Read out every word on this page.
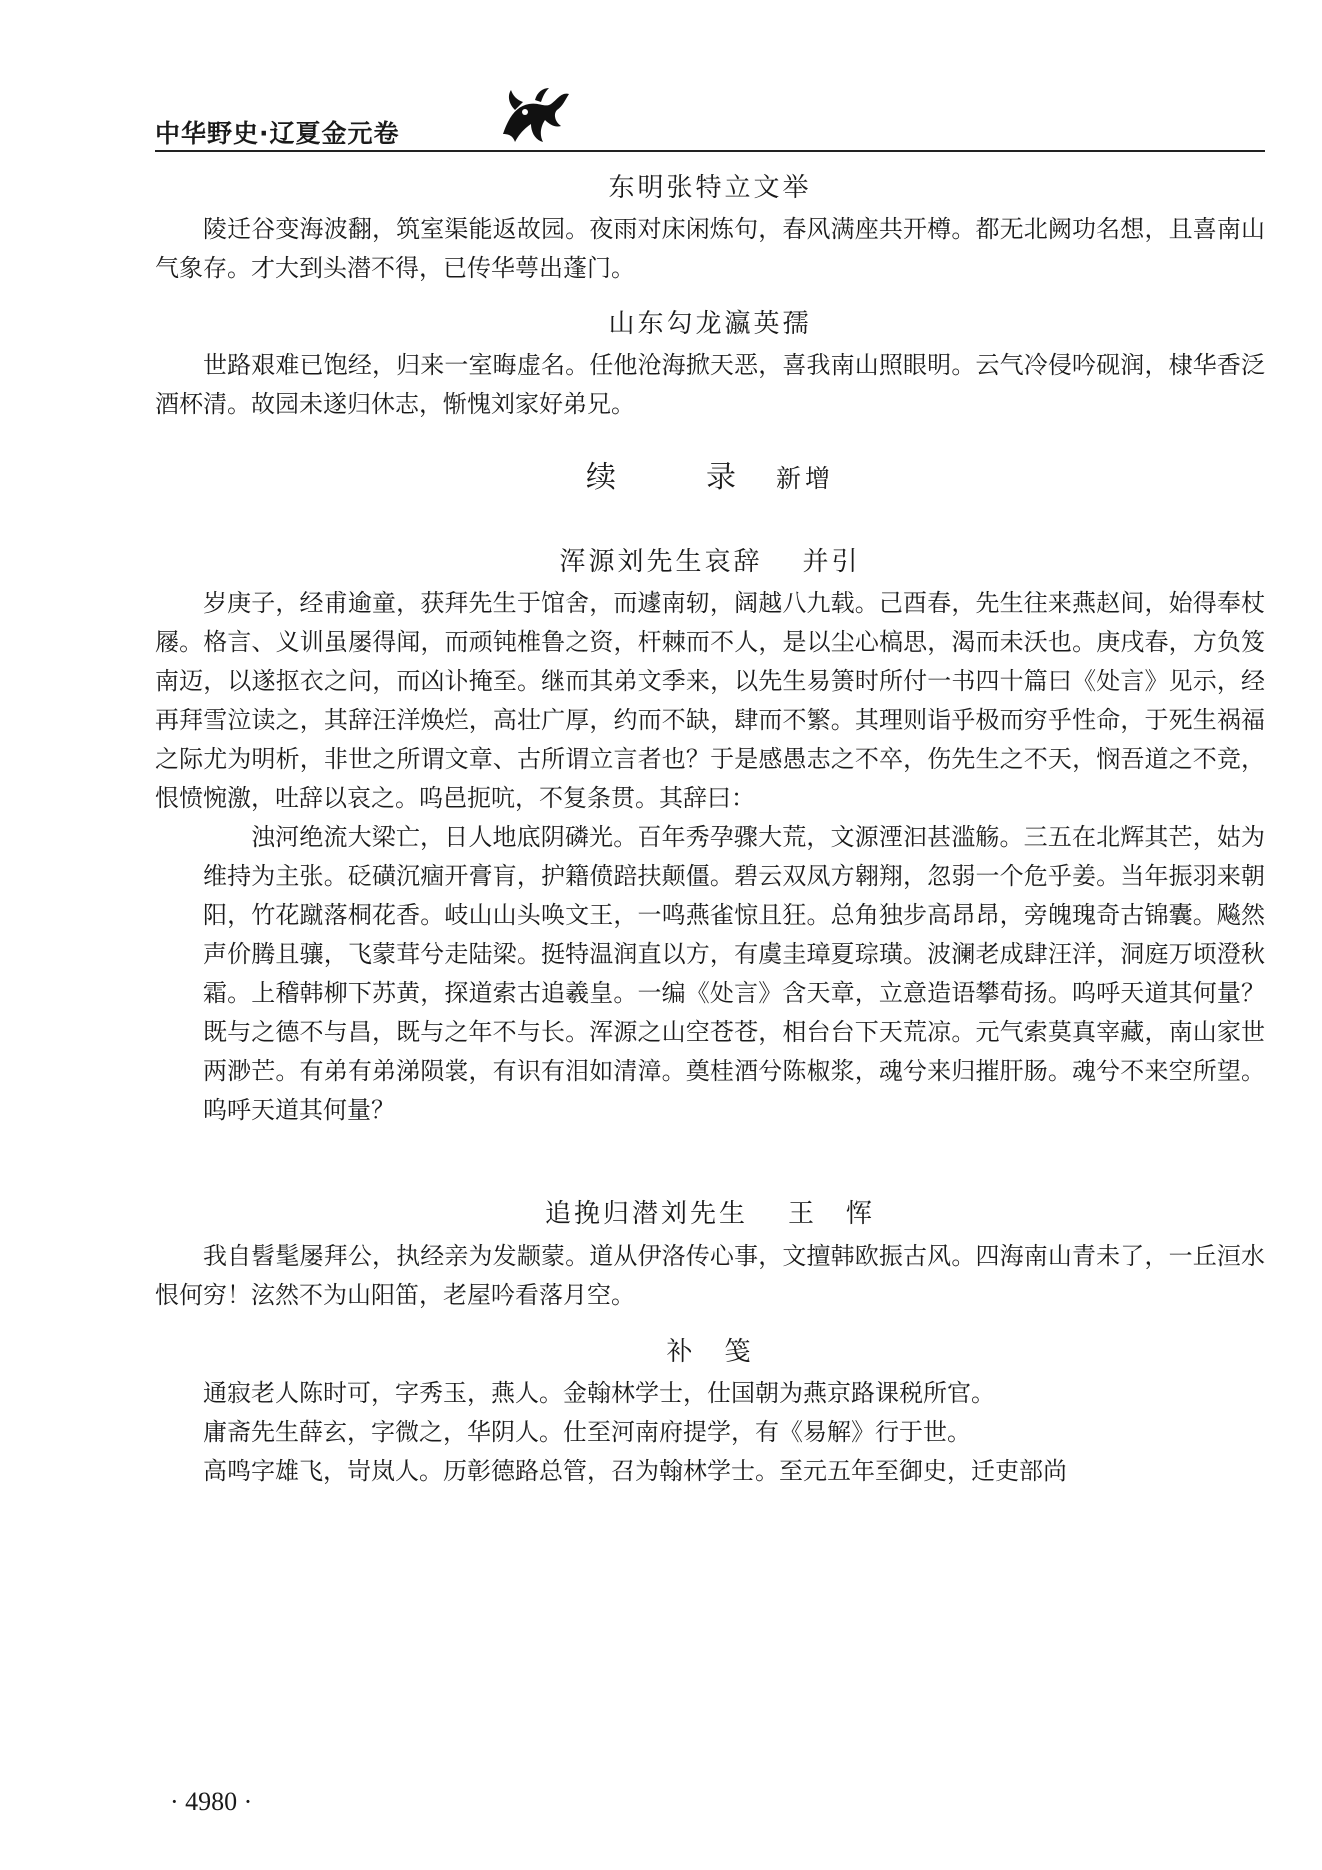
中华野史·辽夏金元卷
东明张特立文举

陵迁谷变海波翻，筑室渠能返故园。夜雨对床闲炼句，春风满座共开樽。都无北阙功名想，且喜南山气象存。才大到头潜不得，已传华萼出蓬门。

山东勾龙瀛英孺

世路艰难已饱经，归来一室晦虚名。任他沧海掀天恶，喜我南山照眼明。云气冷侵吟砚润，棣华香泛酒杯清。故园未遂归休志，惭愧刘家好弟兄。

续　录 新增
浑源刘先生哀辞 并引

岁庚子，经甫逾童，获拜先生于馆舍，而遽南轫，阔越八九载。己酉春，先生往来燕赵间，始得奉杖屦。格言、义训虽屡得闻，而顽钝椎鲁之资，杆棘而不人，是以尘心槁思，渴而未沃也。庚戌春，方负笈南迈，以遂抠衣之问，而凶讣掩至。继而其弟文季来，以先生易箦时所付一书四十篇曰《处言》见示，经再拜雪泣读之，其辞汪洋焕烂，高壮广厚，约而不缺，肆而不繁。其理则诣乎极而穷乎性命，于死生祸福之际尤为明析，非世之所谓文章、古所谓立言者也？于是感愚志之不卒，伤先生之不天，悯吾道之不竞，恨愤惋激，吐辞以哀之。呜邑扼吭，不复条贯。其辞曰：

浊河绝流大梁亡，日人地底阴磷光。百年秀孕骤大荒，文源湮汩甚滥觞。三五在北辉其芒，姑为维持为主张。砭磺沉痼开膏肓，护籍偾踣扶颠僵。碧云双凤方翱翔，忽弱一个危乎姜。当年振羽来朝阳，竹花蹴落桐花香。岐山山头唤文王，一鸣燕雀惊且狂。总角独步高昂昂，旁魄瑰奇古锦囊。飚然声价腾且骧，飞蒙茸兮走陆梁。挺特温润直以方，有虞圭璋夏琮璜。波澜老成肆汪洋，洞庭万顷澄秋霜。上稽韩柳下苏黄，探道索古追羲皇。一编《处言》含天章，立意造语攀荀扬。呜呼天道其何量？既与之德不与昌，既与之年不与长。浑源之山空苍苍，相台台下天荒凉。元气索莫真宰藏，南山家世两渺芒。有弟有弟涕陨裳，有识有泪如清漳。奠桂酒兮陈椒浆，魂兮来归摧肝肠。魂兮不来空所望。呜呼天道其何量？

追挽归潜刘先生 王　恽

我自髫髦屡拜公，执经亲为发颛蒙。道从伊洛传心事，文擅韩欧振古风。四海南山青未了，一丘洹水恨何穷！泫然不为山阳笛，老屋吟看落月空。

补　笺

通寂老人陈时可，字秀玉，燕人。金翰林学士，仕国朝为燕京路课税所官。

庸斋先生薛玄，字微之，华阴人。仕至河南府提学，有《易解》行于世。

高鸣字雄飞，岢岚人。历彰德路总管，召为翰林学士。至元五年至御史，迁吏部尚

· 4980 ·
